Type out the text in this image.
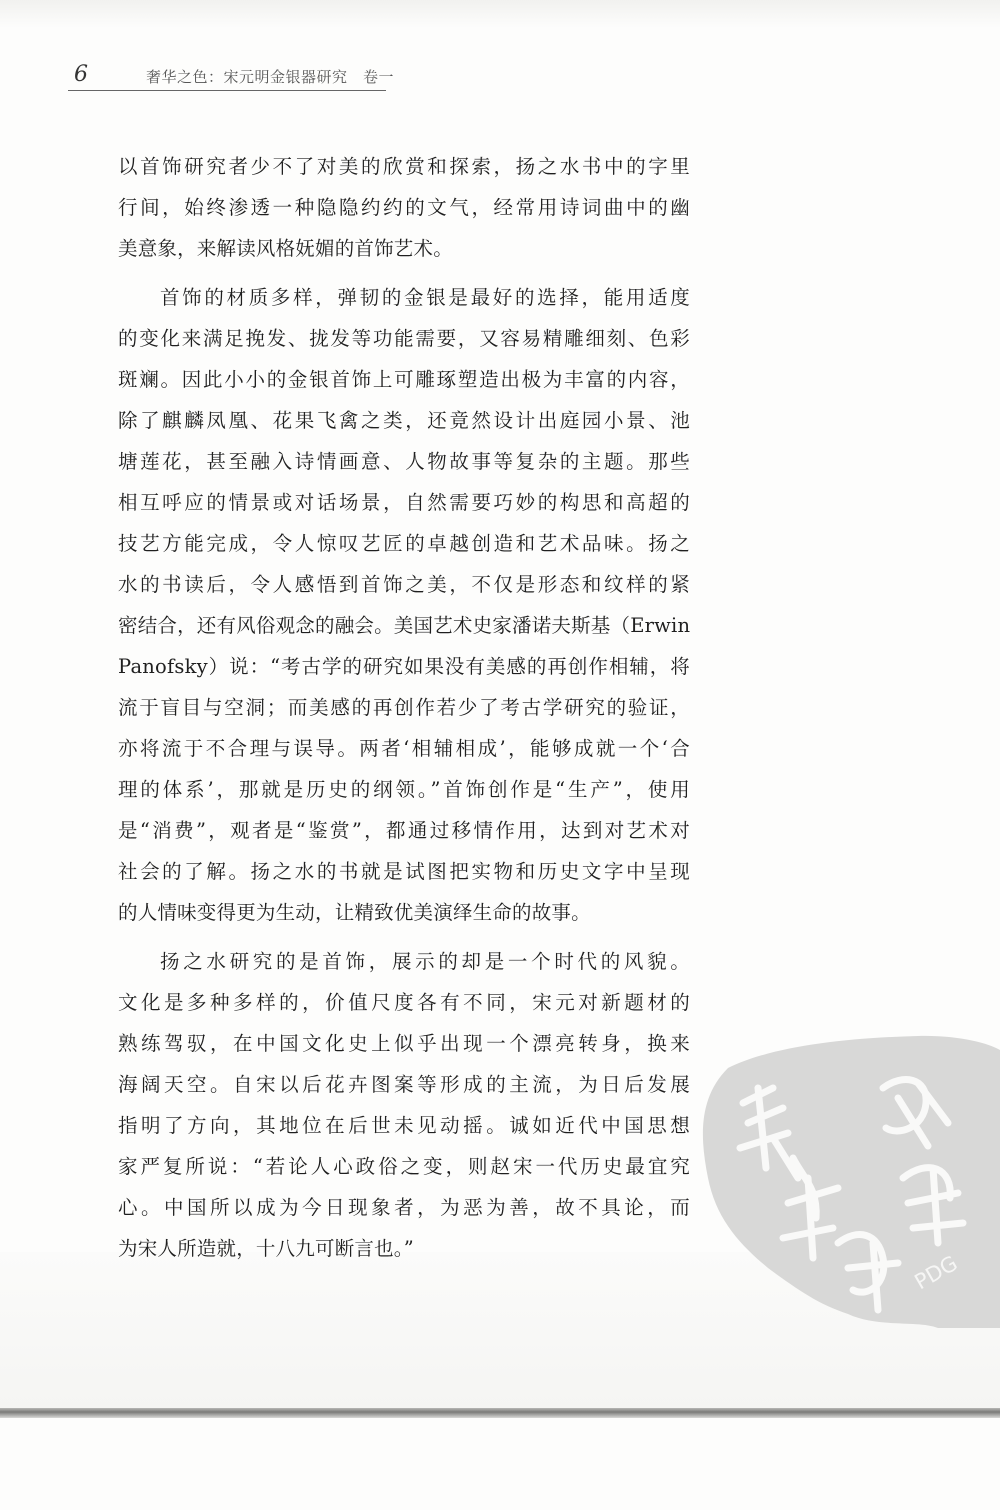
6	奢华之色：宋元明金银器研究　卷一
PDG
以首饰研究者少不了对美的欣赏和探索，扬之水书中的字里
行间，始终渗透一种隐隐约约的文气，经常用诗词曲中的幽
美意象，来解读风格妩媚的首饰艺术。
首饰的材质多样，弹韧的金银是最好的选择，能用适度
的变化来满足挽发、拢发等功能需要，又容易精雕细刻、色彩
斑斓。因此小小的金银首饰上可雕琢塑造出极为丰富的内容，
除了麒麟凤凰、花果飞禽之类，还竟然设计出庭园小景、池
塘莲花，甚至融入诗情画意、人物故事等复杂的主题。那些
相互呼应的情景或对话场景，自然需要巧妙的构思和高超的
技艺方能完成，令人惊叹艺匠的卓越创造和艺术品味。扬之
水的书读后，令人感悟到首饰之美，不仅是形态和纹样的紧
密结合，还有风俗观念的融会。美国艺术史家潘诺夫斯基（Erwin
Panofsky）说：“考古学的研究如果没有美感的再创作相辅，将
流于盲目与空洞；而美感的再创作若少了考古学研究的验证，
亦将流于不合理与误导。两者‘相辅相成’，能够成就一个‘合
理的体系’，那就是历史的纲领。”首饰创作是“生产”，使用
是“消费”，观者是“鉴赏”，都通过移情作用，达到对艺术对
社会的了解。扬之水的书就是试图把实物和历史文字中呈现
的人情味变得更为生动，让精致优美演绎生命的故事。
扬之水研究的是首饰，展示的却是一个时代的风貌。
文化是多种多样的，价值尺度各有不同，宋元对新题材的
熟练驾驭，在中国文化史上似乎出现一个漂亮转身，换来
海阔天空。自宋以后花卉图案等形成的主流，为日后发展
指明了方向，其地位在后世未见动摇。诚如近代中国思想
家严复所说：“若论人心政俗之变，则赵宋一代历史最宜究
心。中国所以成为今日现象者，为恶为善，故不具论，而
为宋人所造就，十八九可断言也。”
